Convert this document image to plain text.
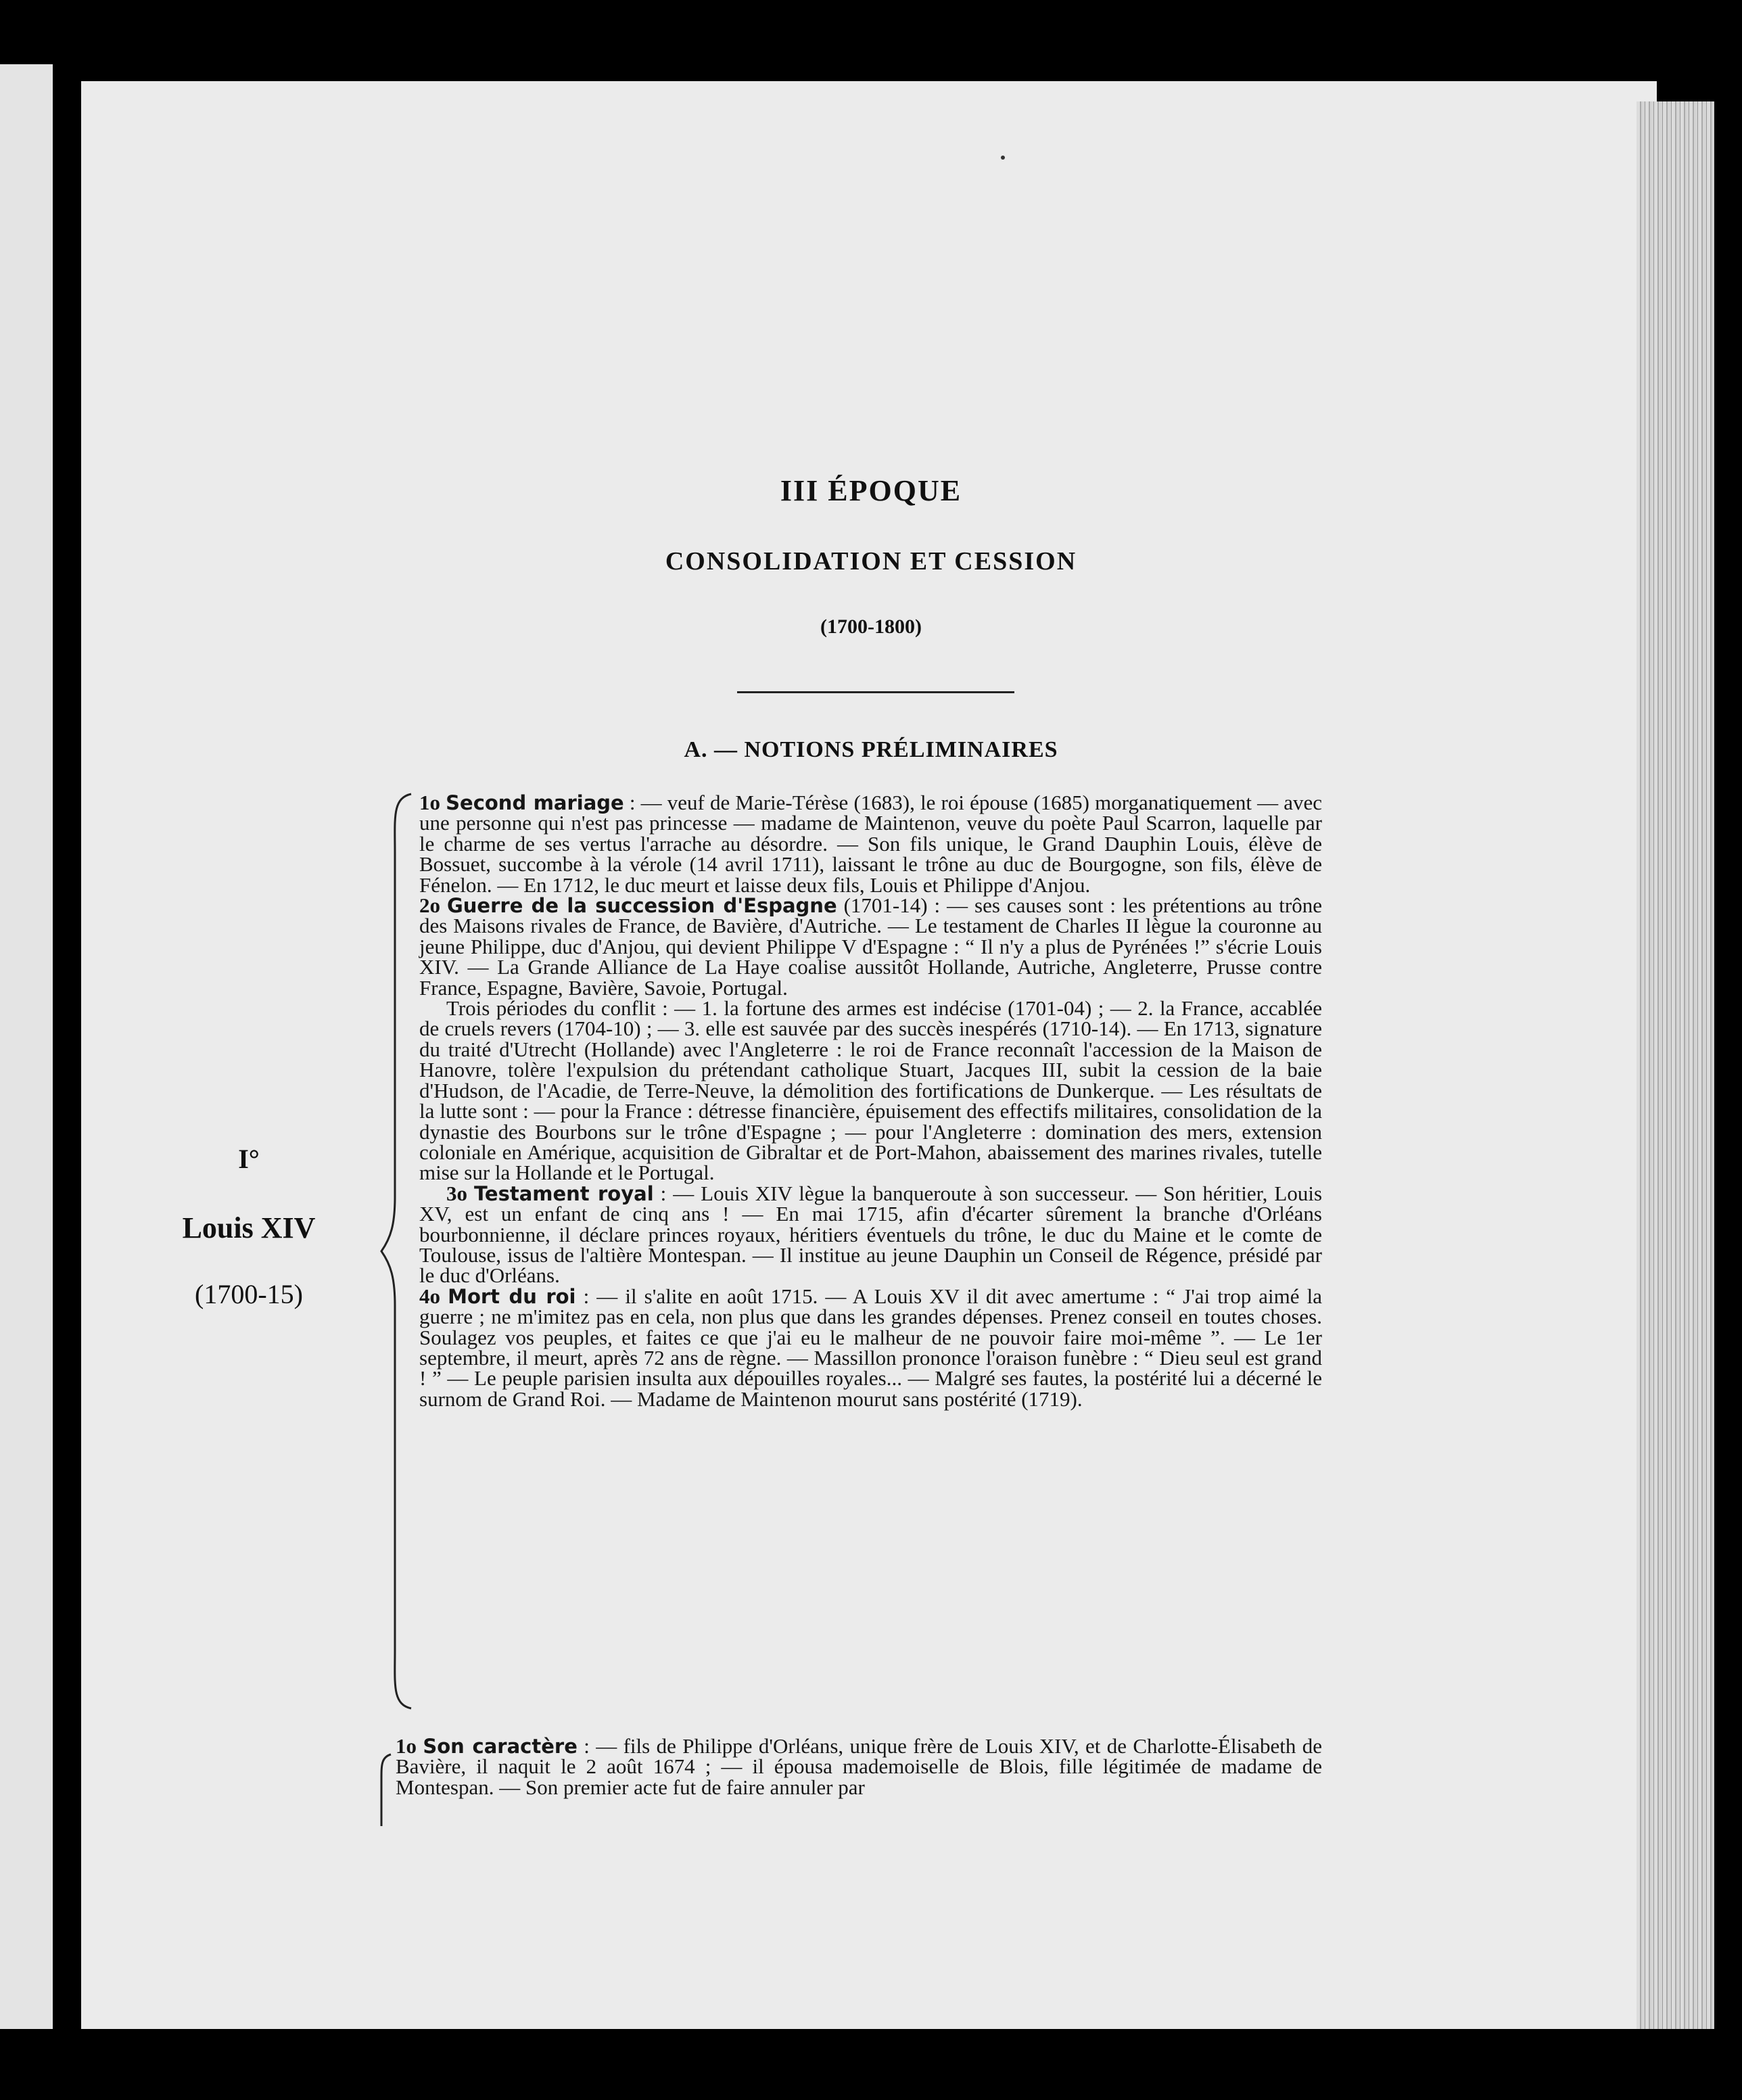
III ÉPOQUE
CONSOLIDATION ET CESSION
(1700-1800)
A. — NOTIONS PRÉLIMINAIRES
I°
Louis XIV
(1700-15)

1o Second mariage : — veuf de Marie-Térèse (1683), le roi épouse (1685) morganatiquement — avec une personne qui n'est pas princesse — madame de Maintenon, veuve du poète Paul Scarron, laquelle par le charme de ses vertus l'arrache au désordre. — Son fils unique, le Grand Dauphin Louis, élève de Bossuet, succombe à la vérole (14 avril 1711), laissant le trône au duc de Bourgogne, son fils, élève de Fénelon. — En 1712, le duc meurt et laisse deux fils, Louis et Philippe d'Anjou.

2o Guerre de la succession d'Espagne (1701-14) : — ses causes sont : les prétentions au trône des Maisons rivales de France, de Bavière, d'Autriche. — Le testament de Charles II lègue la couronne au jeune Philippe, duc d'Anjou, qui devient Philippe V d'Espagne : “ Il n'y a plus de Pyrénées !” s'écrie Louis XIV. — La Grande Alliance de La Haye coalise aussitôt Hollande, Autriche, Angleterre, Prusse contre France, Espagne, Bavière, Savoie, Portugal.

Trois périodes du conflit : — 1. la fortune des armes est indécise (1701-04) ; — 2. la France, accablée de cruels revers (1704-10) ; — 3. elle est sauvée par des succès inespérés (1710-14). — En 1713, signature du traité d'Utrecht (Hollande) avec l'Angleterre : le roi de France reconnaît l'accession de la Maison de Hanovre, tolère l'expulsion du prétendant catholique Stuart, Jacques III, subit la cession de la baie d'Hudson, de l'Acadie, de Terre-Neuve, la démolition des fortifications de Dunkerque. — Les résultats de la lutte sont : — pour la France : détresse financière, épuisement des effectifs militaires, consolidation de la dynastie des Bourbons sur le trône d'Espagne ; — pour l'Angleterre : domination des mers, extension coloniale en Amérique, acquisition de Gibraltar et de Port-Mahon, abaissement des marines rivales, tutelle mise sur la Hollande et le Portugal.

3o Testament royal : — Louis XIV lègue la banqueroute à son successeur. — Son héritier, Louis XV, est un enfant de cinq ans ! — En mai 1715, afin d'écarter sûrement la branche d'Orléans bourbonnienne, il déclare princes royaux, héritiers éventuels du trône, le duc du Maine et le comte de Toulouse, issus de l'altière Montespan. — Il institue au jeune Dauphin un Conseil de Régence, présidé par le duc d'Orléans.

4o Mort du roi : — il s'alite en août 1715. — A Louis XV il dit avec amertume : “ J'ai trop aimé la guerre ; ne m'imitez pas en cela, non plus que dans les grandes dépenses. Prenez conseil en toutes choses. Soulagez vos peuples, et faites ce que j'ai eu le malheur de ne pouvoir faire moi-même ”. — Le 1er septembre, il meurt, après 72 ans de règne. — Massillon prononce l'oraison funèbre : “ Dieu seul est grand ! ” — Le peuple parisien insulta aux dépouilles royales... — Malgré ses fautes, la postérité lui a décerné le surnom de Grand Roi. — Madame de Maintenon mourut sans postérité (1719).

1o Son caractère : — fils de Philippe d'Orléans, unique frère de Louis XIV, et de Charlotte-Élisabeth de Bavière, il naquit le 2 août 1674 ; — il épousa mademoiselle de Blois, fille légitimée de madame de Montespan. — Son premier acte fut de faire annuler par
